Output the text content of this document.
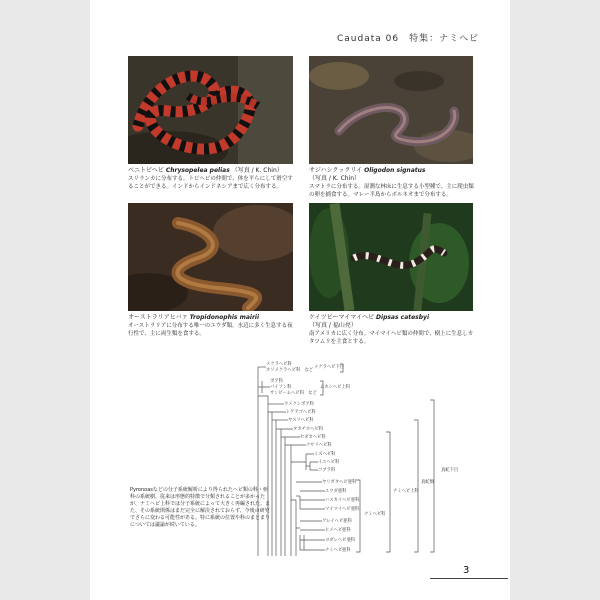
Caudata 06　特集：ナミヘビ
ベニトビヘビ Chrysopelea pelias （写真 / K. Chin）
スリランカに分布する。トビヘビの仲間で、体を平らにして滑空することができる。インドからインドネシアまで広く分布する。
サジハシクックリイ Oligodon signatus （写真 / K. Chin）
スマトラに分布する。湿潤な林床に生息する小型種で、主に爬虫類の卵を捕食する。マレー半島からボルネオまで分布する。
オーストラリアヒバァ Tropidonophis mairii
オーストラリアに分布する唯一のユウダ類。水辺に多く生息する夜行性で、主に両生類を食する。
ケイツビーマイマイヘビ Dipsas catesbyi （写真 / 福山亮）
南アメリカに広く分布。マイマイヘビ類の仲間で、樹上に生息しカタツムリを主食とする。
メクラヘビ科
ホソメクラヘビ科　など
メクラヘビ下目
ボア科
パイソン科
サンビームヘビ科　など
ムカシヘビ上科
ウメクシボア科
トゲアゴヘビ科
ヤスリヘビ科
タカチホヘビ科
セダカヘビ科
クサリヘビ科
ミズヘビ科
イエヘビ科
コブラ科
ヤリガタヘビ亜科
ユウダ亜科
ハスカイヘビ亜科
マイマイヘビ亜科
グレイヘビ亜科
ヒメヘビ亜科
ヨダレヘビ亜科
ナミヘビ亜科
ナミヘビ科
ナミヘビ上科
真蛇類
真蛇下目
Pyronoasなどの分子系統解析により得られたヘビ類の科・亜科の系統樹。従来は形態的特徴で分類されることが多かったが、ナミヘビ上科では分子系統によって大きく再編された。また、その系統関係はまだ完全に解決されておらず、今後の研究でさらに変わる可能性がある。特に系統の位置や科のまとまりについては議論が続いている。
3
